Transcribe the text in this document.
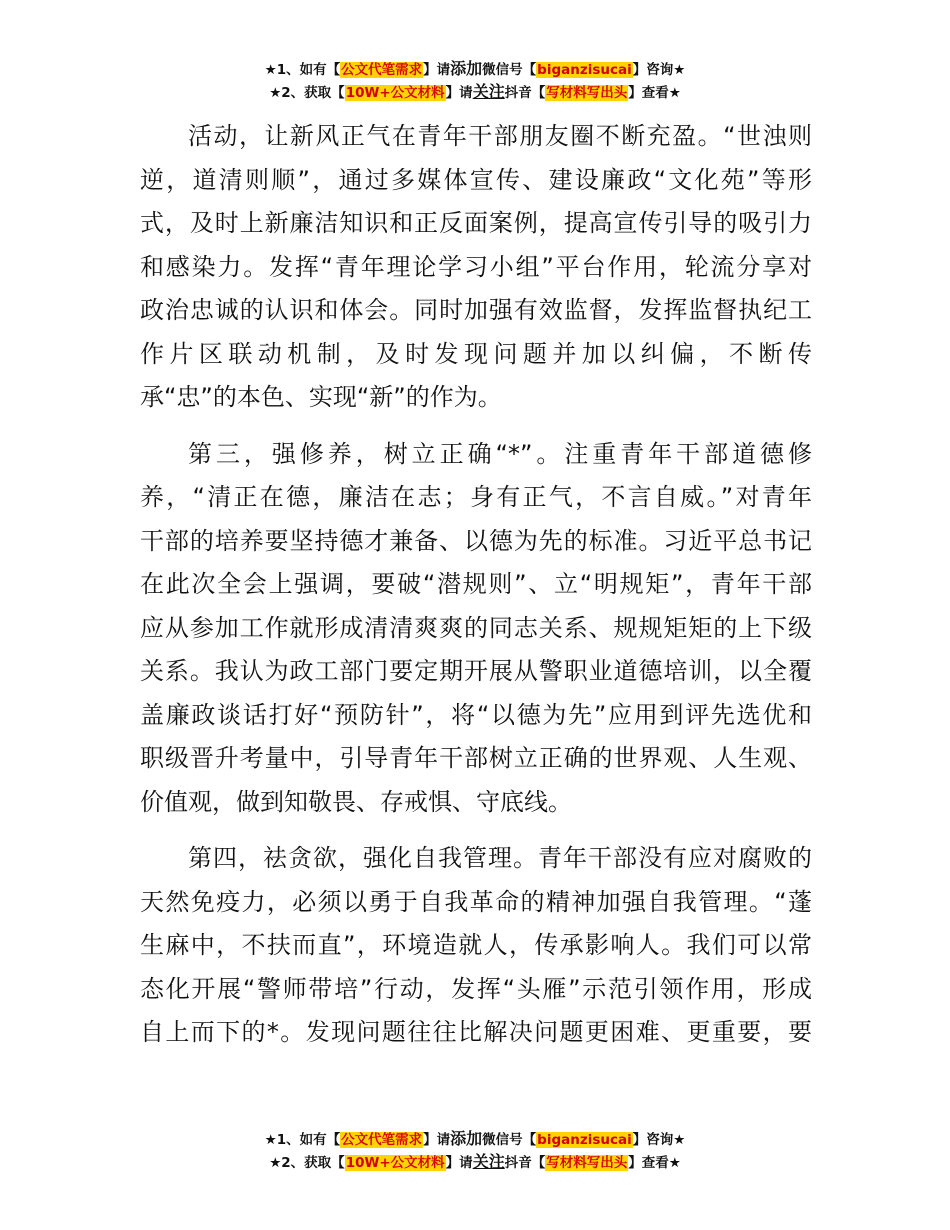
★1、如有【公文代笔需求】请添加微信号【biganzisucai】咨询★
★2、获取【10W+公文材料】请关注抖音【写材料写出头】查看★

活动，让新风正气在青年干部朋友圈不断充盈。“世浊则
逆，道清则顺”，通过多媒体宣传、建设廉政“文化苑”等形
式，及时上新廉洁知识和正反面案例，提高宣传引导的吸引力
和感染力。发挥“青年理论学习小组”平台作用，轮流分享对
政治忠诚的认识和体会。同时加强有效监督，发挥监督执纪工
作片区联动机制，及时发现问题并加以纠偏，不断传
承“忠”的本色、实现“新”的作为。

第三，强修养，树立正确“*”。注重青年干部道德修
养，“清正在德，廉洁在志；身有正气，不言自威。”对青年
干部的培养要坚持德才兼备、以德为先的标准。习近平总书记
在此次全会上强调，要破“潜规则”、立“明规矩”，青年干部
应从参加工作就形成清清爽爽的同志关系、规规矩矩的上下级
关系。我认为政工部门要定期开展从警职业道德培训，以全覆
盖廉政谈话打好“预防针”，将“以德为先”应用到评先选优和
职级晋升考量中，引导青年干部树立正确的世界观、人生观、
价值观，做到知敬畏、存戒惧、守底线。

第四，祛贪欲，强化自我管理。青年干部没有应对腐败的
天然免疫力，必须以勇于自我革命的精神加强自我管理。“蓬
生麻中，不扶而直”，环境造就人，传承影响人。我们可以常
态化开展“警师带培”行动，发挥“头雁”示范引领作用，形成
自上而下的*。发现问题往往比解决问题更困难、更重要，要

★1、如有【公文代笔需求】请添加微信号【biganzisucai】咨询★
★2、获取【10W+公文材料】请关注抖音【写材料写出头】查看★
